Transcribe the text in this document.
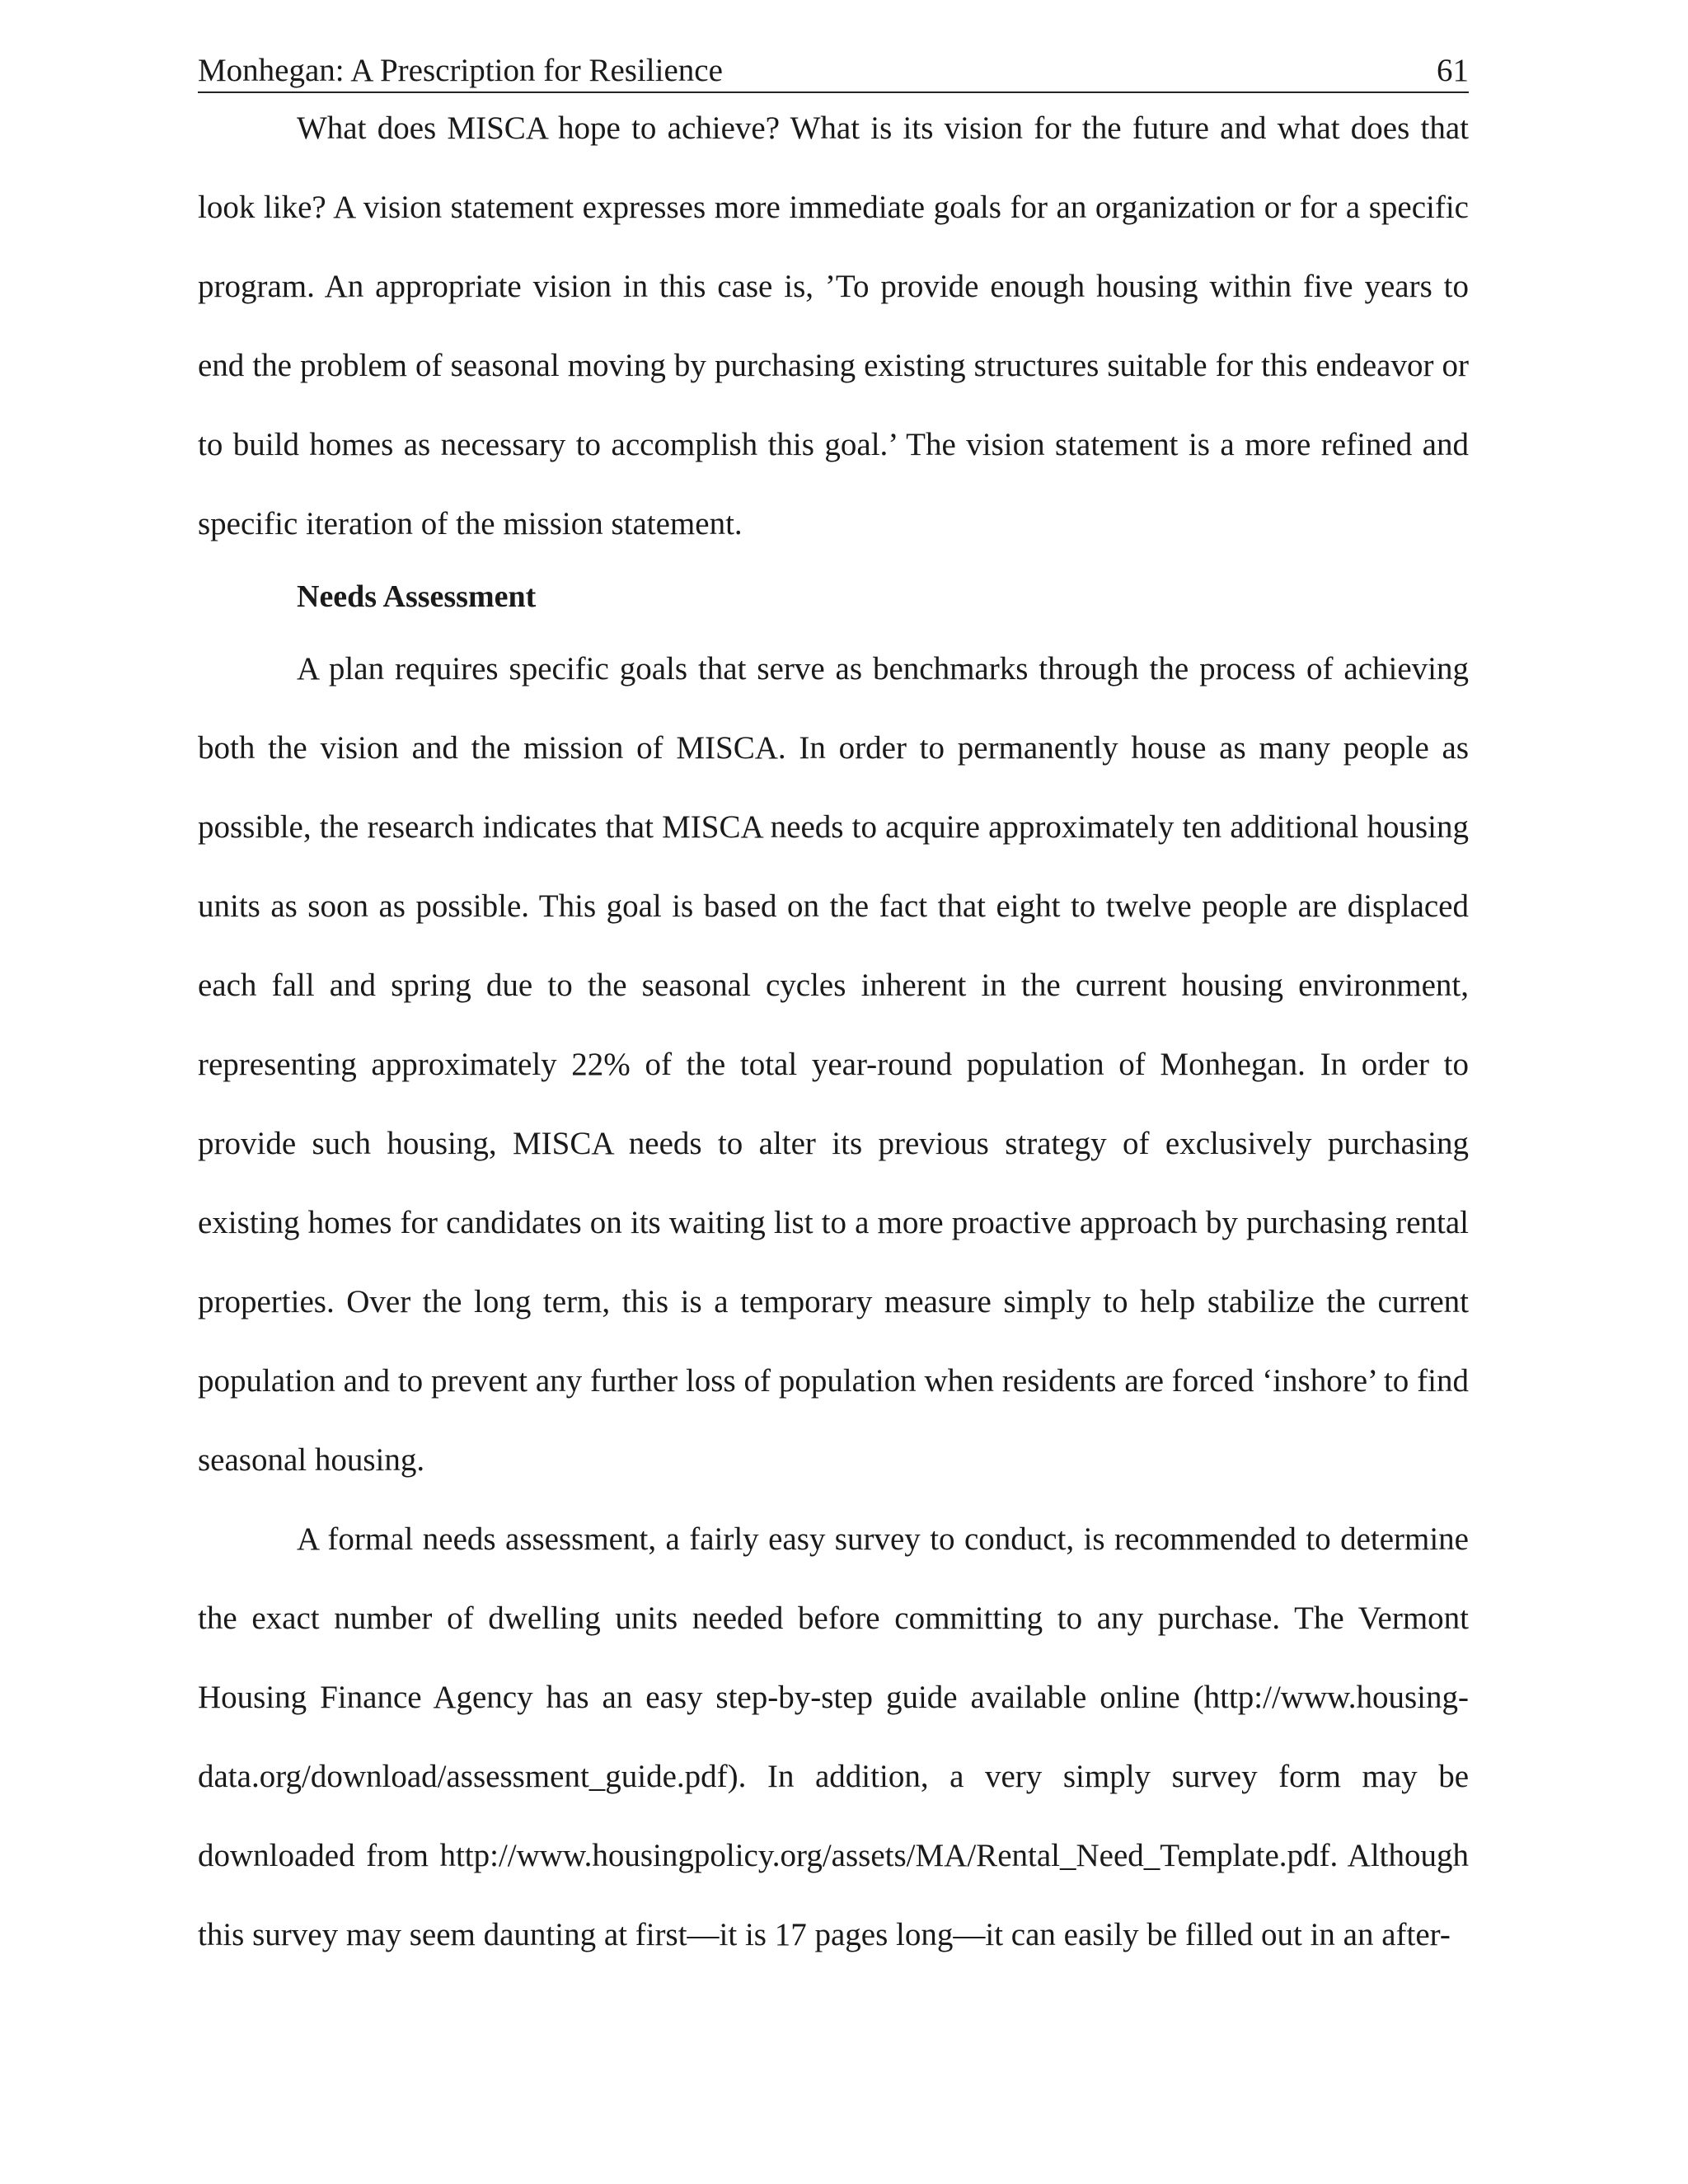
Monhegan: A Prescription for Resilience	61

What does MISCA hope to achieve? What is its vision for the future and what does that look like? A vision statement expresses more immediate goals for an organization or for a specific program. An appropriate vision in this case is, ’To provide enough housing within five years to end the problem of seasonal moving by purchasing existing structures suitable for this endeavor or to build homes as necessary to accomplish this goal.’ The vision statement is a more refined and specific iteration of the mission statement.

Needs Assessment

A plan requires specific goals that serve as benchmarks through the process of achieving both the vision and the mission of MISCA. In order to permanently house as many people as possible, the research indicates that MISCA needs to acquire approximately ten additional housing units as soon as possible. This goal is based on the fact that eight to twelve people are displaced each fall and spring due to the seasonal cycles inherent in the current housing environment, representing approximately 22% of the total year-round population of Monhegan. In order to provide such housing, MISCA needs to alter its previous strategy of exclusively purchasing existing homes for candidates on its waiting list to a more proactive approach by purchasing rental properties. Over the long term, this is a temporary measure simply to help stabilize the current population and to prevent any further loss of population when residents are forced ‘inshore’ to find seasonal housing.

A formal needs assessment, a fairly easy survey to conduct, is recommended to determine the exact number of dwelling units needed before committing to any purchase. The Vermont Housing Finance Agency has an easy step-by-step guide available online (http://www.housing-data.org/download/assessment_guide.pdf). In addition, a very simply survey form may be downloaded from http://www.housingpolicy.org/assets/MA/Rental_Need_Template.pdf. Although this survey may seem daunting at first—it is 17 pages long—it can easily be filled out in an after-
